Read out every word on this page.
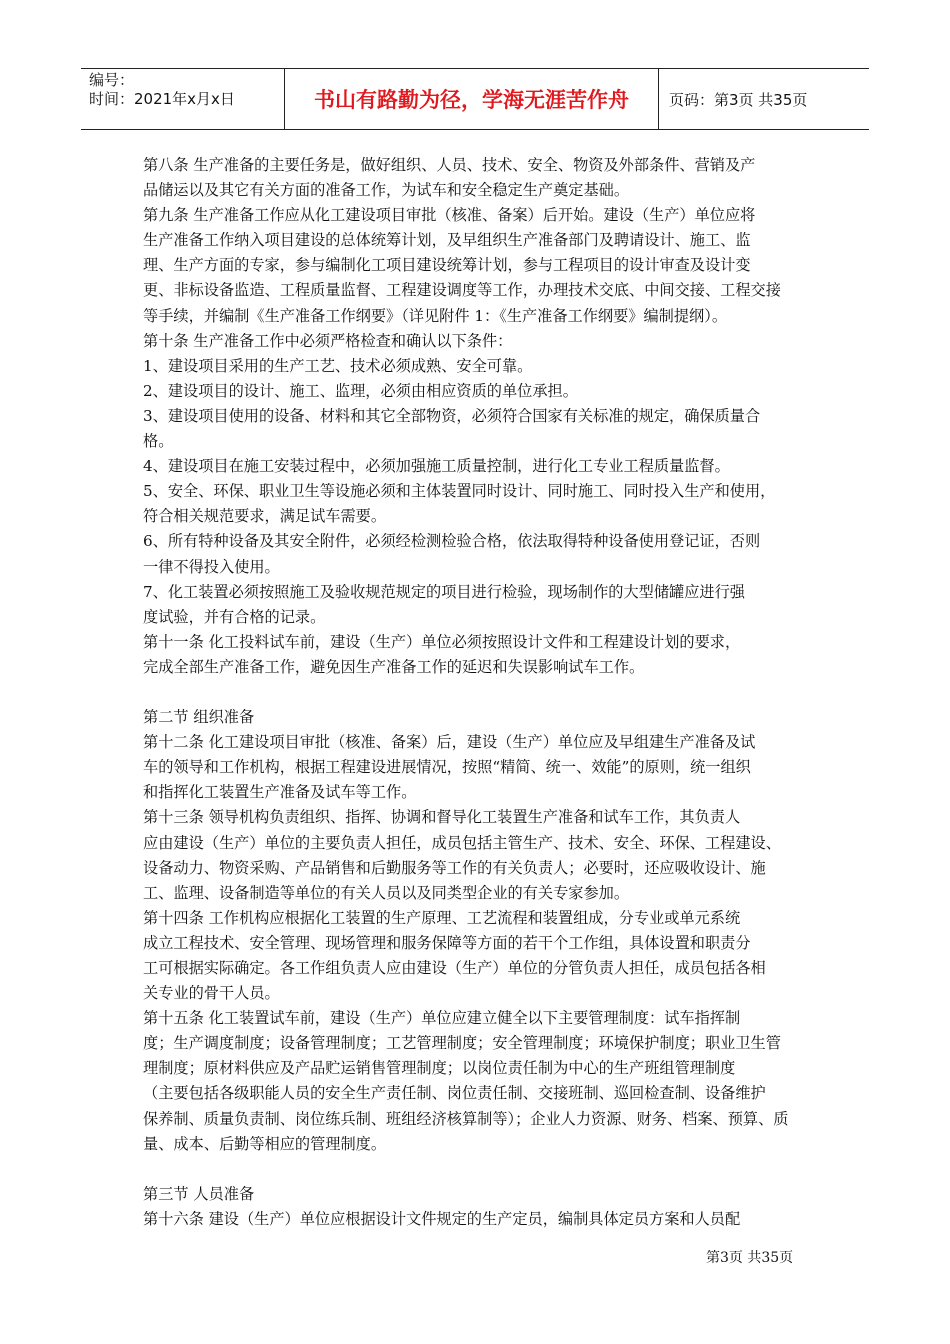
编号：
时间：2021年x月x日	书山有路勤为径，学海无涯苦作舟	页码：第3页 共35页
第八条 生产准备的主要任务是，做好组织、人员、技术、安全、物资及外部条件、营销及产
品储运以及其它有关方面的准备工作，为试车和安全稳定生产奠定基础。
第九条 生产准备工作应从化工建设项目审批（核准、备案）后开始。建设（生产）单位应将
生产准备工作纳入项目建设的总体统筹计划，及早组织生产准备部门及聘请设计、施工、监
理、生产方面的专家，参与编制化工项目建设统筹计划，参与工程项目的设计审查及设计变
更、非标设备监造、工程质量监督、工程建设调度等工作，办理技术交底、中间交接、工程交接
等手续，并编制《生产准备工作纲要》（详见附件 1：《生产准备工作纲要》编制提纲）。
第十条 生产准备工作中必须严格检查和确认以下条件：
1、建设项目采用的生产工艺、技术必须成熟、安全可靠。
2、建设项目的设计、施工、监理，必须由相应资质的单位承担。
3、建设项目使用的设备、材料和其它全部物资，必须符合国家有关标准的规定，确保质量合
格。
4、建设项目在施工安装过程中，必须加强施工质量控制，进行化工专业工程质量监督。
5、安全、环保、职业卫生等设施必须和主体装置同时设计、同时施工、同时投入生产和使用，
符合相关规范要求，满足试车需要。
6、所有特种设备及其安全附件，必须经检测检验合格，依法取得特种设备使用登记证，否则
一律不得投入使用。
7、化工装置必须按照施工及验收规范规定的项目进行检验，现场制作的大型储罐应进行强
度试验，并有合格的记录。
第十一条 化工投料试车前，建设（生产）单位必须按照设计文件和工程建设计划的要求，
完成全部生产准备工作，避免因生产准备工作的延迟和失误影响试车工作。
第二节 组织准备
第十二条 化工建设项目审批（核准、备案）后，建设（生产）单位应及早组建生产准备及试
车的领导和工作机构，根据工程建设进展情况，按照“精简、统一、效能”的原则，统一组织
和指挥化工装置生产准备及试车等工作。
第十三条 领导机构负责组织、指挥、协调和督导化工装置生产准备和试车工作，其负责人
应由建设（生产）单位的主要负责人担任，成员包括主管生产、技术、安全、环保、工程建设、
设备动力、物资采购、产品销售和后勤服务等工作的有关负责人；必要时，还应吸收设计、施
工、监理、设备制造等单位的有关人员以及同类型企业的有关专家参加。
第十四条 工作机构应根据化工装置的生产原理、工艺流程和装置组成，分专业或单元系统
成立工程技术、安全管理、现场管理和服务保障等方面的若干个工作组，具体设置和职责分
工可根据实际确定。各工作组负责人应由建设（生产）单位的分管负责人担任，成员包括各相
关专业的骨干人员。
第十五条 化工装置试车前，建设（生产）单位应建立健全以下主要管理制度：试车指挥制
度；生产调度制度；设备管理制度；工艺管理制度；安全管理制度；环境保护制度；职业卫生管
理制度；原材料供应及产品贮运销售管理制度；以岗位责任制为中心的生产班组管理制度
（主要包括各级职能人员的安全生产责任制、岗位责任制、交接班制、巡回检查制、设备维护
保养制、质量负责制、岗位练兵制、班组经济核算制等）；企业人力资源、财务、档案、预算、质
量、成本、后勤等相应的管理制度。
第三节 人员准备
第十六条 建设（生产）单位应根据设计文件规定的生产定员，编制具体定员方案和人员配
第3页 共35页
